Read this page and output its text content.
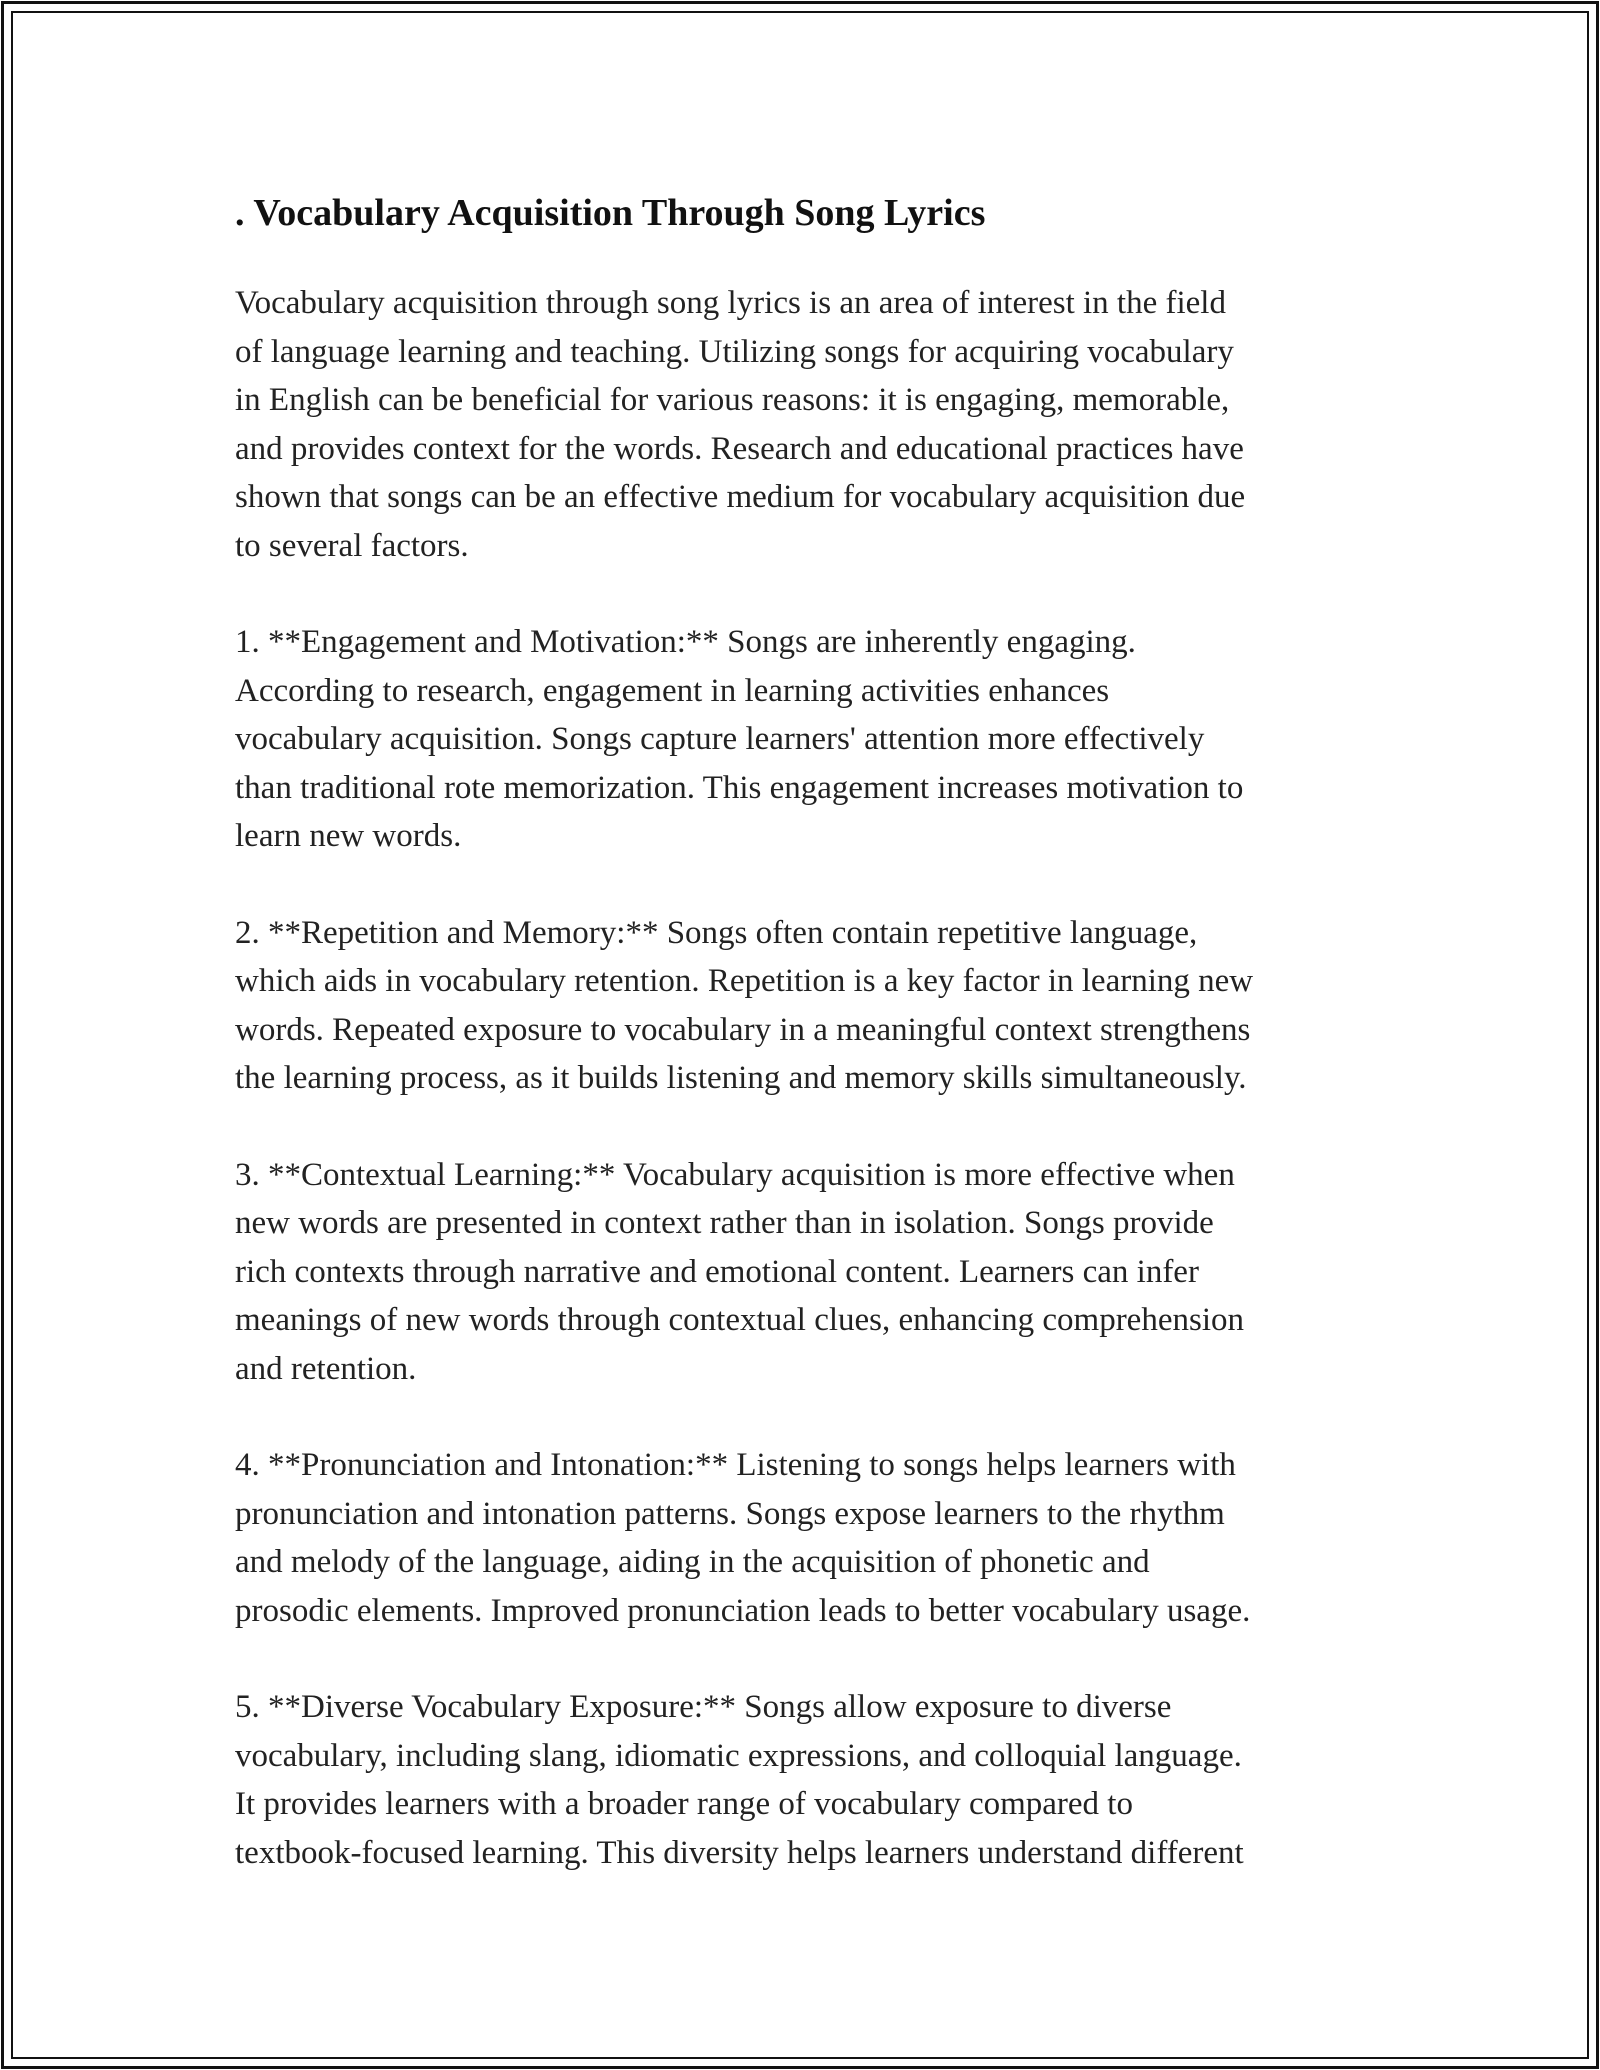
. Vocabulary Acquisition Through Song Lyrics

Vocabulary acquisition through song lyrics is an area of interest in the field
of language learning and teaching. Utilizing songs for acquiring vocabulary
in English can be beneficial for various reasons: it is engaging, memorable,
and provides context for the words. Research and educational practices have
shown that songs can be an effective medium for vocabulary acquisition due
to several factors.

1. **Engagement and Motivation:** Songs are inherently engaging.
According to research, engagement in learning activities enhances
vocabulary acquisition. Songs capture learners' attention more effectively
than traditional rote memorization. This engagement increases motivation to
learn new words.

2. **Repetition and Memory:** Songs often contain repetitive language,
which aids in vocabulary retention. Repetition is a key factor in learning new
words. Repeated exposure to vocabulary in a meaningful context strengthens
the learning process, as it builds listening and memory skills simultaneously.

3. **Contextual Learning:** Vocabulary acquisition is more effective when
new words are presented in context rather than in isolation. Songs provide
rich contexts through narrative and emotional content. Learners can infer
meanings of new words through contextual clues, enhancing comprehension
and retention.

4. **Pronunciation and Intonation:** Listening to songs helps learners with
pronunciation and intonation patterns. Songs expose learners to the rhythm
and melody of the language, aiding in the acquisition of phonetic and
prosodic elements. Improved pronunciation leads to better vocabulary usage.

5. **Diverse Vocabulary Exposure:** Songs allow exposure to diverse
vocabulary, including slang, idiomatic expressions, and colloquial language.
It provides learners with a broader range of vocabulary compared to
textbook-focused learning. This diversity helps learners understand different
